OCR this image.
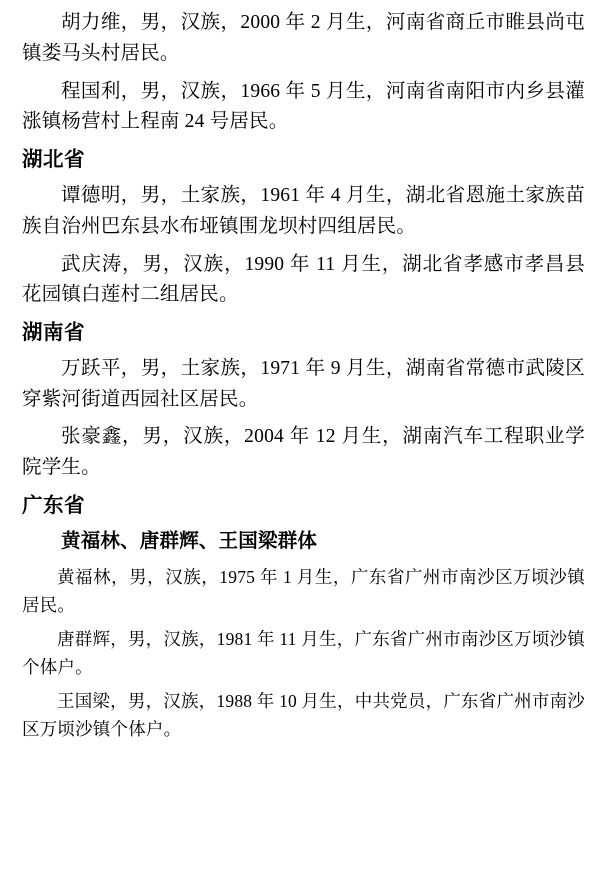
胡力维，男，汉族，2000 年 2 月生，河南省商丘市睢县尚屯镇娄马头村居民。

程国利，男，汉族，1966 年 5 月生，河南省南阳市内乡县灌涨镇杨营村上程南 24 号居民。

湖北省

谭德明，男，土家族，1961 年 4 月生，湖北省恩施土家族苗族自治州巴东县水布垭镇围龙坝村四组居民。

武庆涛，男，汉族，1990 年 11 月生，湖北省孝感市孝昌县花园镇白莲村二组居民。

湖南省

万跃平，男，土家族，1971 年 9 月生，湖南省常德市武陵区穿紫河街道西园社区居民。

张豪鑫，男，汉族，2004 年 12 月生，湖南汽车工程职业学院学生。

广东省

黄福林、唐群辉、王国梁群体

黄福林，男，汉族，1975 年 1 月生，广东省广州市南沙区万顷沙镇居民。

唐群辉，男，汉族，1981 年 11 月生，广东省广州市南沙区万顷沙镇个体户。

王国梁，男，汉族，1988 年 10 月生，中共党员，广东省广州市南沙区万顷沙镇个体户。
